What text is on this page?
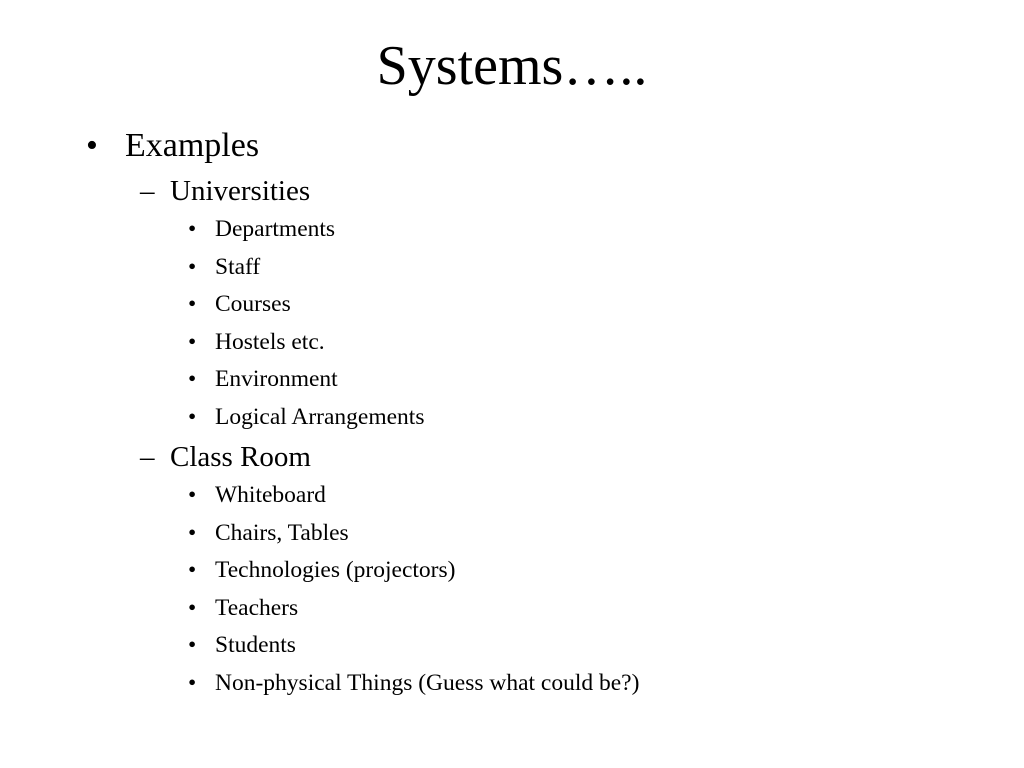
Systems…..
• Examples
– Universities
• Departments
• Staff
• Courses
• Hostels etc.
• Environment
• Logical Arrangements
– Class Room
• Whiteboard
• Chairs, Tables
• Technologies (projectors)
• Teachers
• Students
• Non-physical Things (Guess what could be?)
